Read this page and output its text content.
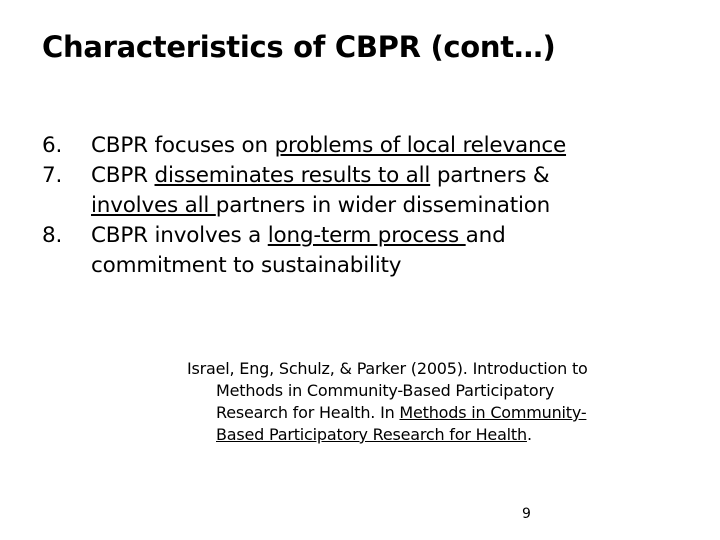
Characteristics of CBPR (cont…)
6. CBPR focuses on problems of local relevance
7. CBPR disseminates results to all partners &
involves all partners in wider dissemination
8. CBPR involves a long-term process and
commitment to sustainability
Israel, Eng, Schulz, & Parker (2005). Introduction to
Methods in Community-Based Participatory
Research for Health. In Methods in Community-
Based Participatory Research for Health.
9
